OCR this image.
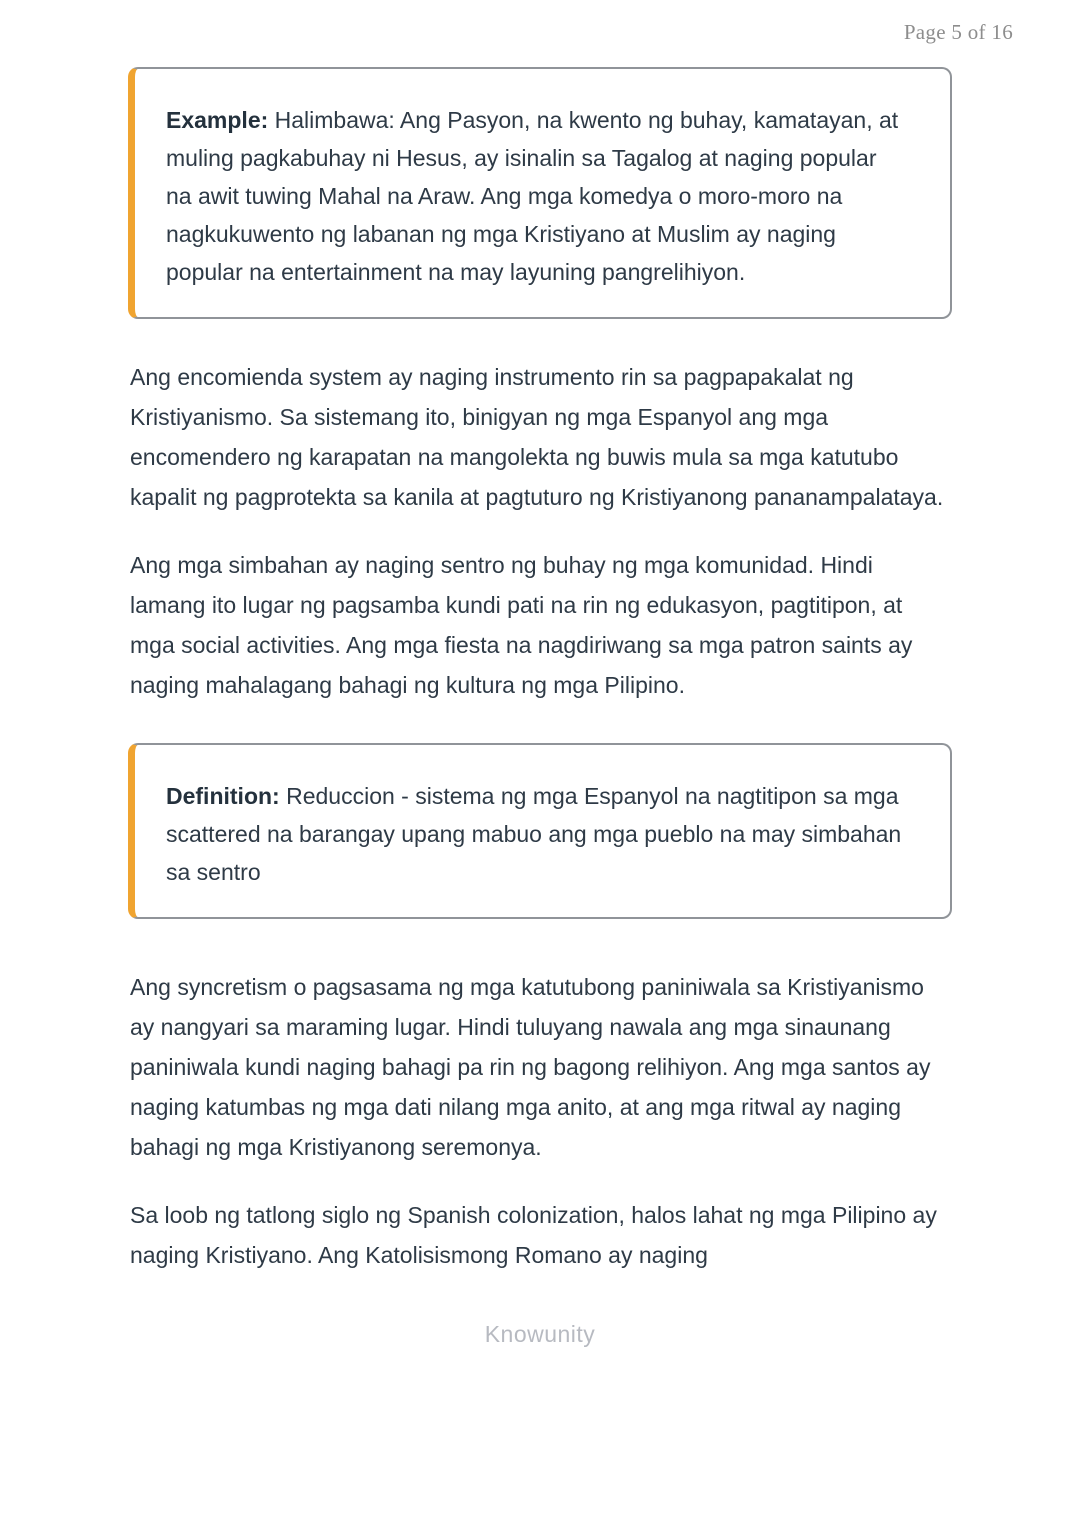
Page 5 of 16
Example: Halimbawa: Ang Pasyon, na kwento ng buhay, kamatayan, at muling pagkabuhay ni Hesus, ay isinalin sa Tagalog at naging popular na awit tuwing Mahal na Araw. Ang mga komedya o moro-moro na nagkukuwento ng labanan ng mga Kristiyano at Muslim ay naging popular na entertainment na may layuning pangrelihiyon.

Ang encomienda system ay naging instrumento rin sa pagpapakalat ng Kristiyanismo. Sa sistemang ito, binigyan ng mga Espanyol ang mga encomendero ng karapatan na mangolekta ng buwis mula sa mga katutubo kapalit ng pagprotekta sa kanila at pagtuturo ng Kristiyanong pananampalataya.

Ang mga simbahan ay naging sentro ng buhay ng mga komunidad. Hindi lamang ito lugar ng pagsamba kundi pati na rin ng edukasyon, pagtitipon, at mga social activities. Ang mga fiesta na nagdiriwang sa mga patron saints ay naging mahalagang bahagi ng kultura ng mga Pilipino.

Definition: Reduccion - sistema ng mga Espanyol na nagtitipon sa mga scattered na barangay upang mabuo ang mga pueblo na may simbahan sa sentro

Ang syncretism o pagsasama ng mga katutubong paniniwala sa Kristiyanismo ay nangyari sa maraming lugar. Hindi tuluyang nawala ang mga sinaunang paniniwala kundi naging bahagi pa rin ng bagong relihiyon. Ang mga santos ay naging katumbas ng mga dati nilang mga anito, at ang mga ritwal ay naging bahagi ng mga Kristiyanong seremonya.

Sa loob ng tatlong siglo ng Spanish colonization, halos lahat ng mga Pilipino ay naging Kristiyano. Ang Katolisismong Romano ay naging

Knowunity
